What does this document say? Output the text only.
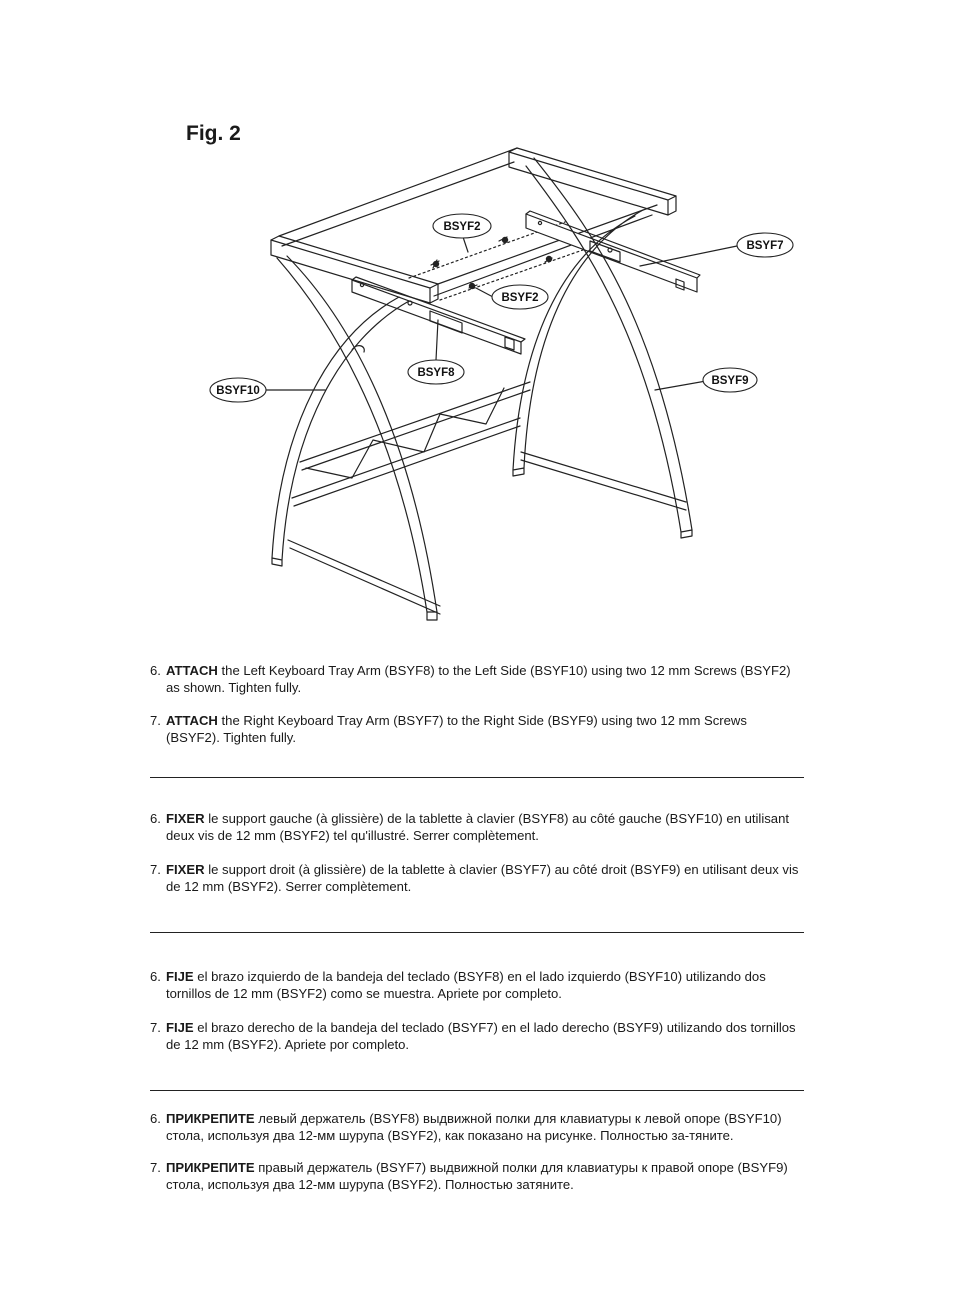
Fig. 2
BSYF2
BSYF7
BSYF2
BSYF8
BSYF9
BSYF10

6. ATTACH the Left Keyboard Tray Arm (BSYF8) to the Left Side (BSYF10) using two 12 mm Screws (BSYF2) as shown. Tighten fully.

7. ATTACH the Right Keyboard Tray Arm (BSYF7) to the Right Side (BSYF9) using two 12 mm Screws (BSYF2). Tighten fully.

6. FIXER le support gauche (à glissière) de la tablette à clavier (BSYF8) au côté gauche (BSYF10) en utilisant deux vis de 12 mm (BSYF2) tel qu'illustré. Serrer complètement.

7. FIXER le support droit (à glissière) de la tablette à clavier (BSYF7) au côté droit (BSYF9) en utilisant deux vis de 12 mm (BSYF2). Serrer complètement.

6. FIJE el brazo izquierdo de la bandeja del teclado (BSYF8) en el lado izquierdo (BSYF10) utilizando dos tornillos de 12 mm (BSYF2) como se muestra. Apriete por completo.

7. FIJE el brazo derecho de la bandeja del teclado (BSYF7) en el lado derecho (BSYF9) utilizando dos tornillos de 12 mm (BSYF2). Apriete por completo.

6. ПРИКРЕПИТЕ левый держатель (BSYF8) выдвижной полки для клавиатуры к левой опоре (BSYF10) стола, используя два 12-мм шурупа (BSYF2), как показано на рисунке. Полностью за-тяните.

7. ПРИКРЕПИТЕ правый держатель (BSYF7) выдвижной полки для клавиатуры к правой опоре (BSYF9) стола, используя два 12-мм шурупа (BSYF2). Полностью затяните.
